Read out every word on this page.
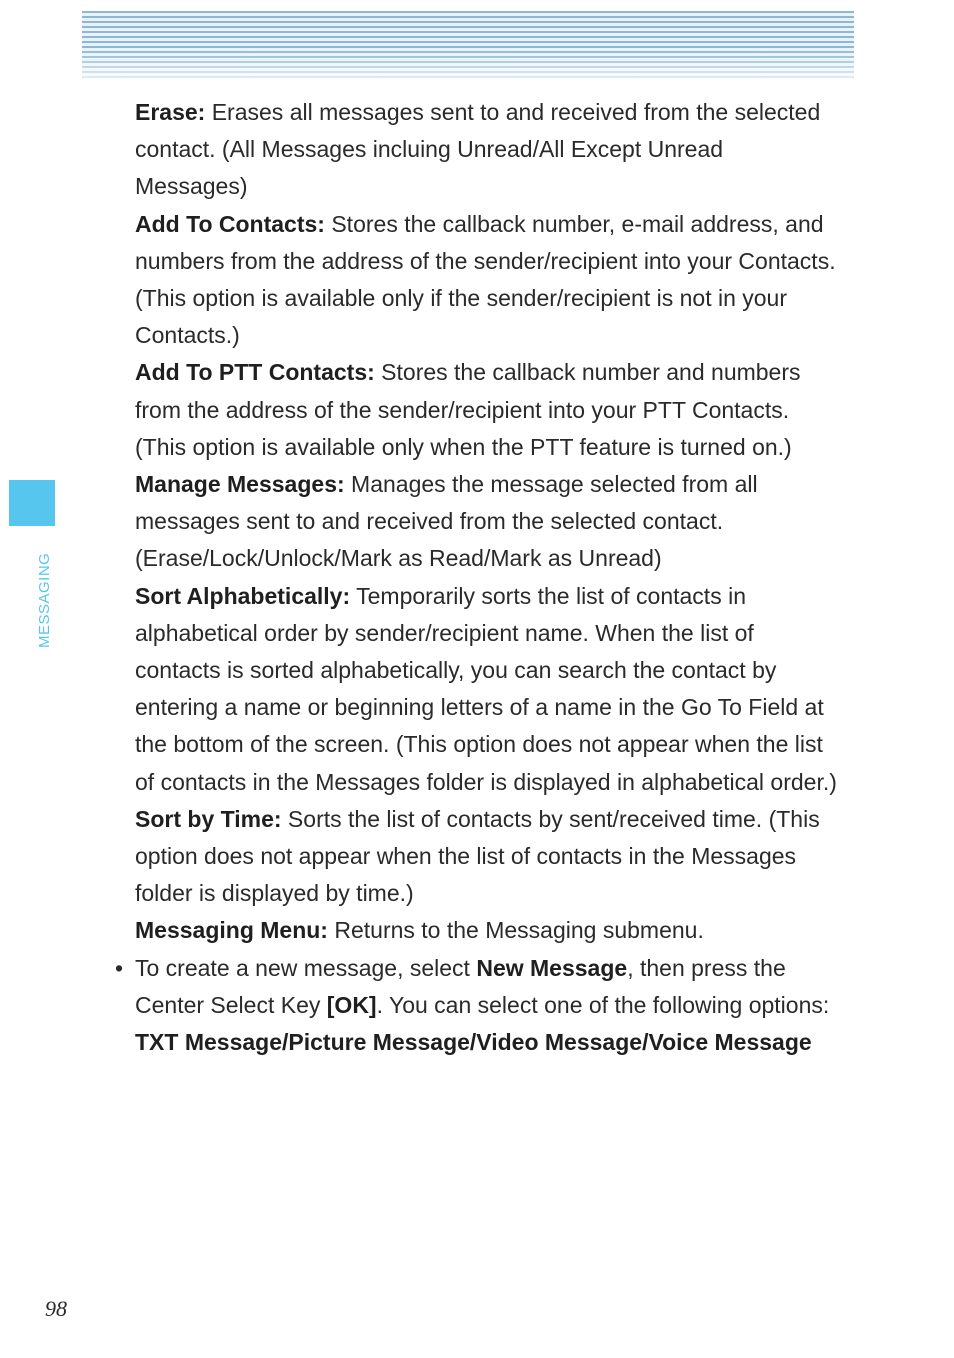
MESSAGING

Erase: Erases all messages sent to and received from the selected contact. (All Messages incluing Unread/All Except Unread Messages)

Add To Contacts: Stores the callback number, e-mail address, and numbers from the address of the sender/recipient into your Contacts. (This option is available only if the sender/recipient is not in your Contacts.)

Add To PTT Contacts: Stores the callback number and numbers from the address of the sender/recipient into your PTT Contacts. (This option is available only when the PTT feature is turned on.)

Manage Messages: Manages the message selected from all messages sent to and received from the selected contact. (Erase/Lock/Unlock/Mark as Read/Mark as Unread)

Sort Alphabetically: Temporarily sorts the list of contacts in alphabetical order by sender/recipient name. When the list of contacts is sorted alphabetically, you can search the contact by entering a name or beginning letters of a name in the Go To Field at the bottom of the screen. (This option does not appear when the list of contacts in the Messages folder is displayed in alphabetical order.)

Sort by Time: Sorts the list of contacts by sent/received time. (This option does not appear when the list of contacts in the Messages folder is displayed by time.)

Messaging Menu: Returns to the Messaging submenu.

• To create a new message, select New Message, then press the Center Select Key [OK]. You can select one of the following options:

TXT Message/Picture Message/Video Message/Voice Message

98
